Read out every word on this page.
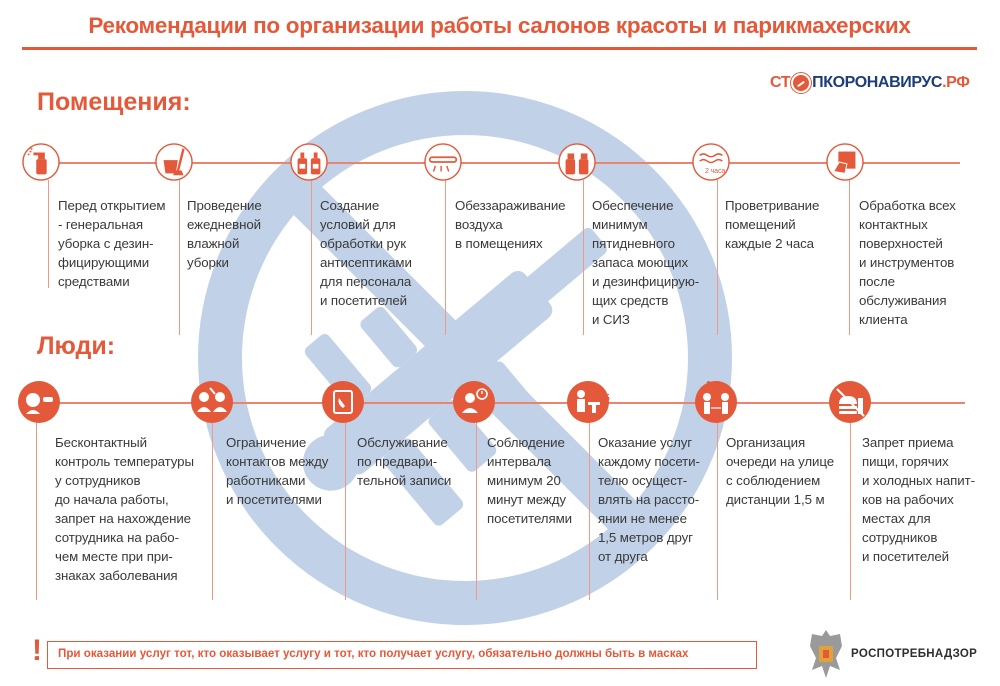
Рекомендации по организации работы салонов красоты и парикмахерских
СТ ПКОРОНАВИРУС .РФ
Помещения:
Люди:
2 часа
Перед открытием
- генеральная
уборка с дезин-
фицирующими
средствами
Проведение
ежедневной
влажной
уборки
Создание
условий для
обработки рук
антисептиками
для персонала
и посетителей
Обеззараживание
воздуха
в помещениях
Обеспечение
минимум
пятидневного
запаса моющих
и дезинфицирую-
щих средств
и СИЗ
Проветривание
помещений
каждые 2 часа
Обработка всех
контактных
поверхностей
и инструментов
после
обслуживания
клиента
1,5
1,5
Бесконтактный
контроль температуры
у сотрудников
до начала работы,
запрет на нахождение
сотрудника на рабо-
чем месте при при-
знаках заболевания
Ограничение
контактов между
работниками
и посетителями
Обслуживание
по предвари-
тельной записи
Соблюдение
интервала
минимум 20
минут между
посетителями
Оказание услуг
каждому посети-
телю осущест-
влять на рассто-
янии не менее
1,5 метров друг
от друга
Организация
очереди на улице
с соблюдением
дистанции 1,5 м
Запрет приема
пищи, горячих
и холодных напит-
ков на рабочих
местах для
сотрудников
и посетителей
! При оказании услуг тот, кто оказывает услугу и тот, кто получает услугу, обязательно должны быть в масках	РОСПОТРЕБНАДЗОР
